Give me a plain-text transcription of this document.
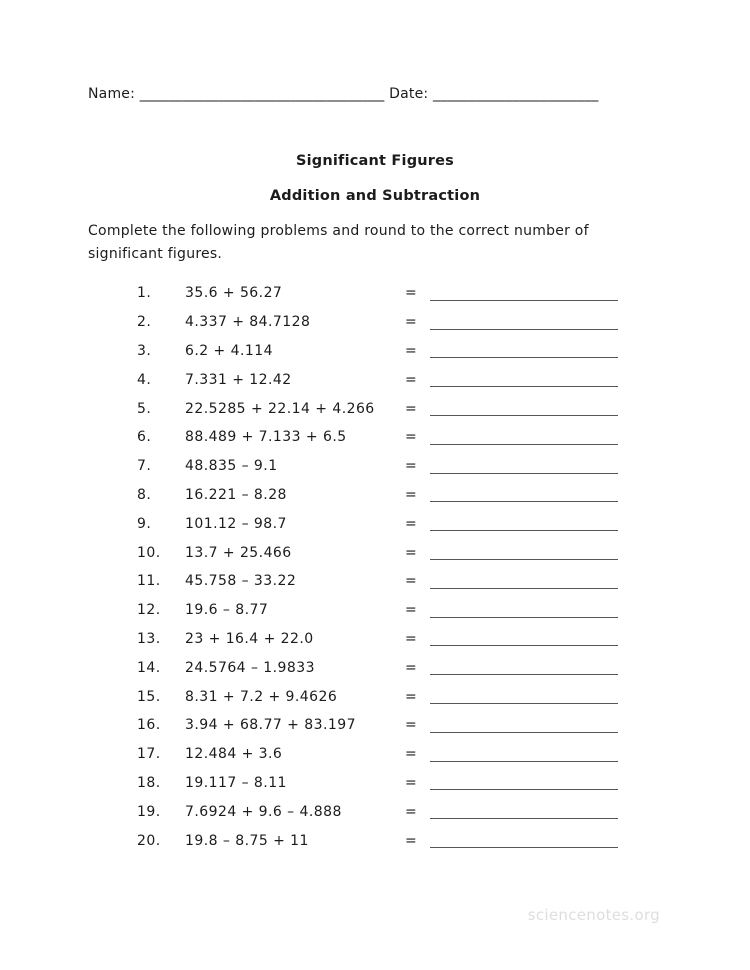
Name: __________________________________ Date: _______________________
Significant Figures
Addition and Subtraction
Complete the following problems and round to the correct number of
significant figures.
1.	35.6 + 56.27	=
2.	4.337 + 84.7128	=
3.	6.2 + 4.114	=
4.	7.331 + 12.42	=
5.	22.5285 + 22.14 + 4.266	=
6.	88.489 + 7.133 + 6.5	=
7.	48.835 – 9.1	=
8.	16.221 – 8.28	=
9.	101.12 – 98.7	=
10.	13.7 + 25.466	=
11.	45.758 – 33.22	=
12.	19.6 – 8.77	=
13.	23 + 16.4 + 22.0	=
14.	24.5764 – 1.9833	=
15.	8.31 + 7.2 + 9.4626	=
16.	3.94 + 68.77 + 83.197	=
17.	12.484 + 3.6	=
18.	19.117 – 8.11	=
19.	7.6924 + 9.6 – 4.888	=
20.	19.8 – 8.75 + 11	=
sciencenotes.org
